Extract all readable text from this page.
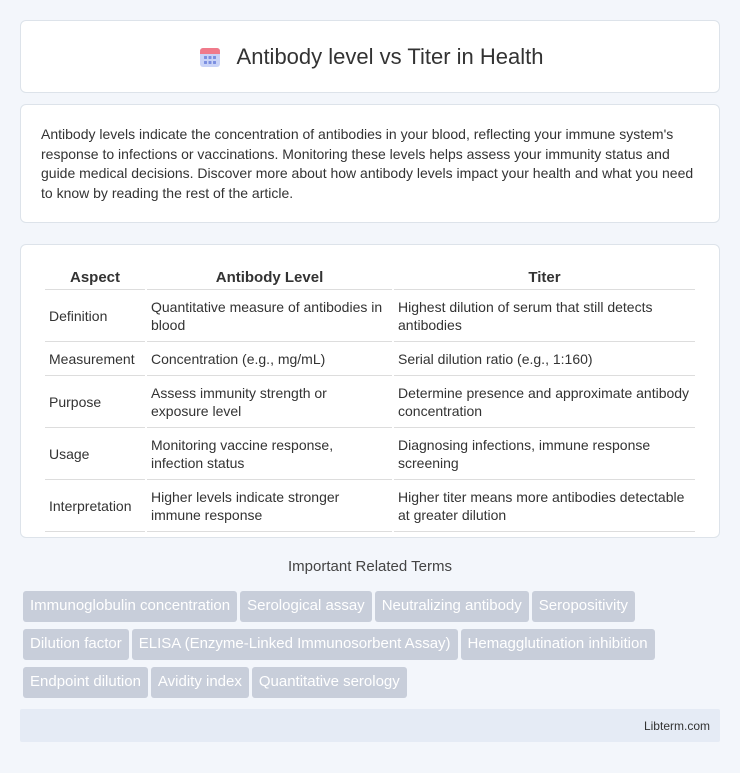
Antibody level vs Titer in Health

Antibody levels indicate the concentration of antibodies in your blood, reflecting your immune system's response to infections or vaccinations. Monitoring these levels helps assess your immunity status and guide medical decisions. Discover more about how antibody levels impact your health and what you need to know by reading the rest of the article.

Aspect	Antibody Level	Titer
Definition	Quantitative measure of antibodies in blood	Highest dilution of serum that still detects antibodies
Measurement	Concentration (e.g., mg/mL)	Serial dilution ratio (e.g., 1:160)
Purpose	Assess immunity strength or exposure level	Determine presence and approximate antibody concentration
Usage	Monitoring vaccine response, infection status	Diagnosing infections, immune response screening
Interpretation	Higher levels indicate stronger immune response	Higher titer means more antibodies detectable at greater dilution
Important Related Terms
Immunoglobulin concentration Serological assay Neutralizing antibody Seropositivity
Dilution factor ELISA (Enzyme-Linked Immunosorbent Assay) Hemagglutination inhibition
Endpoint dilution Avidity index Quantitative serology
Libterm.com
